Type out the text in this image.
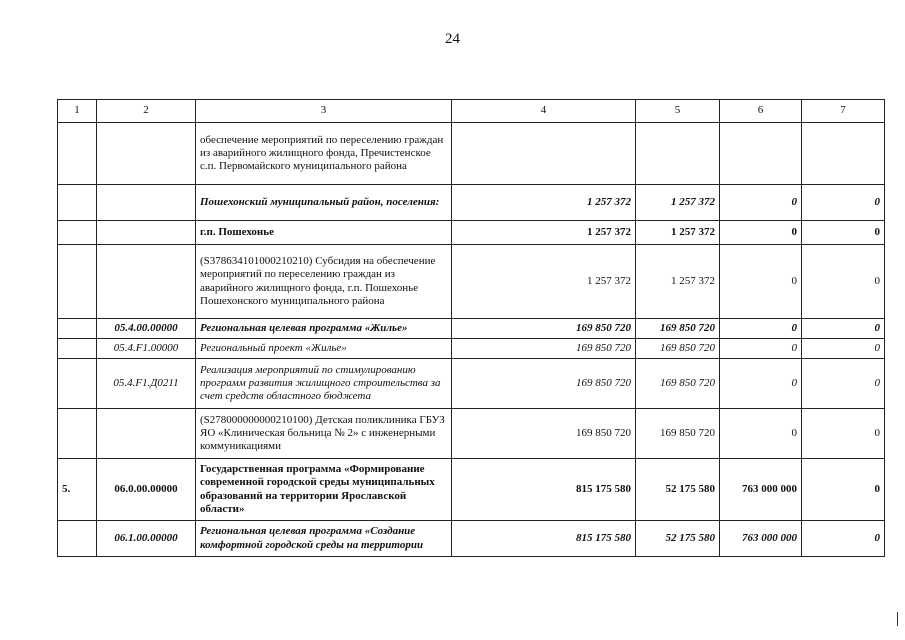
24
1	2	3	4	5	6	7
		обеспечение мероприятий по переселению граждан из аварийного жилищного фонда, Пречистенское с.п. Первомайского муниципального района				
		Пошехонский муниципальный район, поселения:	1 257 372	1 257 372	0	0
		г.п. Пошехонье	1 257 372	1 257 372	0	0
		(S378634101000210210) Субсидия на обеспечение мероприятий по переселению граждан из аварийного жилищного фонда, г.п. Пошехонье Пошехонского муниципального района	1 257 372	1 257 372	0	0
	05.4.00.00000	Региональная целевая программа «Жилье»	169 850 720	169 850 720	0	0
	05.4.F1.00000	Региональный проект «Жилье»	169 850 720	169 850 720	0	0
	05.4.F1.Д0211	Реализация мероприятий по стимулированию программ развития жилищного строительства за счет средств областного бюджета	169 850 720	169 850 720	0	0
		(S278000000000210100) Детская поликлиника ГБУЗ ЯО «Клиническая больница № 2» с инженерными коммуникациями	169 850 720	169 850 720	0	0
5.	06.0.00.00000	Государственная программа «Формирование современной городской среды муниципальных образований на территории Ярославской области»	815 175 580	52 175 580	763 000 000	0
	06.1.00.00000	Региональная целевая программа «Создание комфортной городской среды на территории	815 175 580	52 175 580	763 000 000	0
